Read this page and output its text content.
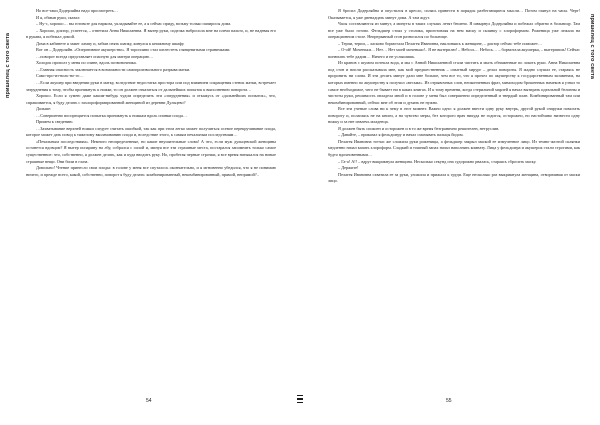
пришелец с того света	пришелец с того света

Но все-таки Додерляйна надо просмотреть…

И я, обмыв руки, сказал:

– Ну-с, хорошо… вы готовьте для наркоза, укладывайте ее, а я сейчас приду, возьму только папиросы дома.

– Хорошо, доктор, успеется, – ответила Анна Николаевна. Я вытер руки, сиделка набросила мне на плечи пальто, и, не надевая его в рукава, я побежал домой.

Дома в кабинете я зажег лампу и, забыв снять шапку, кинулся к книжному шкафу.

Вот он – Додерляйн. «Оперативное акушерство». Я торопливо стал шелестеть глянцевитыми страничками.

…поворот всегда представляет опасную для матери операцию…

Холодок прополз у меня по спине, вдоль позвоночника.

…Главная опасность заключается в возможности самопроизвольного разрыва матки.

Само-про-из-воль-но-го…

…Если акушер при введении руки в матку, вследствие недостатка простора или под влиянием сокращения стенок матки, встречает затруднения к тому, чтобы проникнуть к ножке, то он должен отказаться от дальнейших попыток к выполнению поворота…

Хорошо. Если я сумею даже каким-нибудь чудом определить эти «затруднения» и откажусь от «дальнейших попыток», что, спрашивается, я буду делать с захлороформированной женщиной из деревни Дульцево?

Дальше:

…Совершенно воспрещается попытка проникнуть к ножкам вдоль спинки плода…

Примем к сведению.

…Захватывание верхней ножки следует считать ошибкой, так как при этом легко может получиться осевое перекручивание плода, которое может дать повод к тяжелому вколачиванию плода и, вследствие этого, к самым печальным последствиям…

«Печальным последствиям». Немного неопределенные, но какие внушительные слова! А что, если муж дульцевской женщины останется вдовцом? Я вытер испарину на лбу, собрался с силой и, минуя все эти страшные места, постарался запомнить только самое существенное: что, собственно, я должен делать, как и куда вводить руку. Но, пробегая черные строчки, я все время натыкался на новые страшные вещи. Они били в глаза.

Довольно! Чтение принесло свои плоды: в голове у меня все спуталось окончательно, и я мгновенно убедился, что я не понимаю ничего, и прежде всего, какой, собственно, поворот я буду делать: комбинированный, некомбинированный, прямой, непрямой?..

Я бросил Додерляйна и опустился в кресло, силясь привести в порядок разбегающиеся мысли… Потом глянул на часы. Черт! Оказывается, я уже двенадцать минут дома. А там ждут.

Часы составляются из минут, а минуты в таких случаях летят бешено. Я швырнул Додерляйна и побежал обратно в больницу. Там все уже было готово. Фельдшер стоял у столика, приготовляя на нем маску и склянку с хлороформом. Роженица уже лежала на операционном столе. Непрерывный стон разносился по больнице.

– Терпи, терпи, – ласково бормотала Пелагея Ивановна, наклоняясь к женщине, – доктор сейчас тебе поможет…

– О-ой! Моченьки… Нет… Нет моей моченьки!.. Я не вытерплю! – Небось… Небось… – бормотала акушерка, – вытерпишь! Сейчас понюхать тебе дадим… Ничего и не услышишь.

Из кранов с шумом потекла вода, и мы с Анной Николаевной стали чистить и мыть обнаженные по локоть руки. Анна Николаевна под стон и вопли рассказывала мне, как мой предшественник – опытный хирург – делал повороты. Я жадно слушал ее, стараясь не проронить ни слова. И эти десять минут дали мне больше, чем все то, что я прочел по акушерству к государственным экзаменам, на которых именно по акушерству я получил «весьма». Из отрывочных слов, неоконченных фраз, мимоходом брошенных намеков я узнал то самое необходимое, чего не бывает ни в каких книгах. И к тому времени, когда стерильной марлей я начал вытирать идеальной белизны и чистоты руки, решимость овладела мной и в голове у меня был совершенно определенный и твердый план. Комбинированный там или некомбинированный, сейчас мне об этом и думать не нужно.

Все эти ученые слова ни к чему в этот момент. Важно одно: я должен ввести одну руку внутрь, другой рукой снаружи помогать повороту и, полагаясь не на книги, а на чувство меры, без которого врач никуда не годится, осторожно, но настойчиво низвести одну ножку и за нее извлечь младенца.

Я должен быть спокоен и осторожен и в то же время безгранично решителен, нетруслив.

– Давайте, – приказал я фельдшеру и начал смазывать пальцы йодом.

Пелагея Ивановна тотчас же сложила руки роженицы, а фельдшер закрыл маской ее измученное лицо. Из темно-желтой склянки медленно начал капать хлороформ. Сладкий и тошный запах начал наполнять комнату. Лица у фельдшера и акушерок стали строгими, как будто вдохновенными…

– Га-а! А!! – вдруг выкрикнула женщина. Несколько секунд она судорожно рвалась, стараясь сбросить маску.

– Держите!

Пелагея Ивановна схватила ее за руки, уложила и прижала к груди. Еще несколько раз выкрикнула женщина, отворачивая от маски лицо.

54	55
